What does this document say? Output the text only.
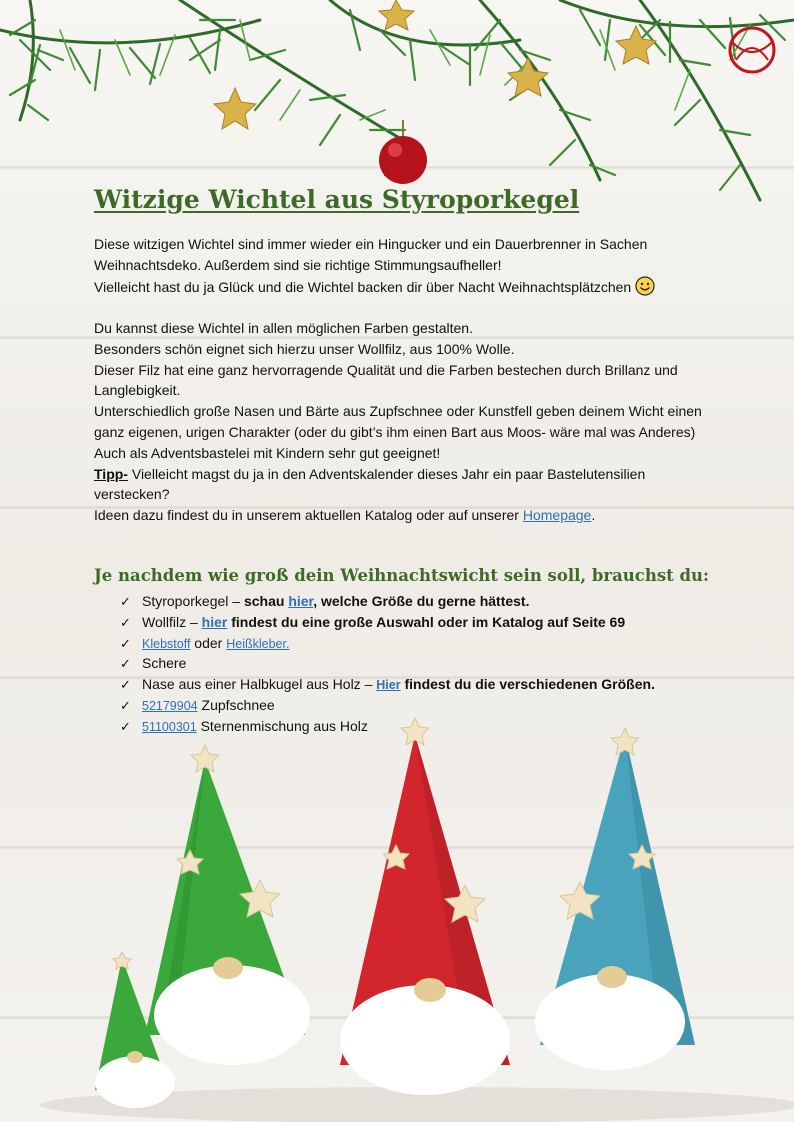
Witzige Wichtel aus Styroporkegel

Diese witzigen Wichtel sind immer wieder ein Hingucker und ein Dauerbrenner in Sachen Weihnachtsdeko. Außerdem sind sie richtige Stimmungsaufheller!

Vielleicht hast du ja Glück und die Wichtel backen dir über Nacht Weihnachtsplätzchen

Du kannst diese Wichtel in allen möglichen Farben gestalten.

Besonders schön eignet sich hierzu unser Wollfilz, aus 100% Wolle.

Dieser Filz hat eine ganz hervorragende Qualität und die Farben bestechen durch Brillanz und Langlebigkeit.

Unterschiedlich große Nasen und Bärte aus Zupfschnee oder Kunstfell geben deinem Wicht einen ganz eigenen, urigen Charakter (oder du gibt’s ihm einen Bart aus Moos- wäre mal was Anderes)

Auch als Adventsbastelei mit Kindern sehr gut geeignet!

Tipp- Vielleicht magst du ja in den Adventskalender dieses Jahr ein paar Bastelutensilien verstecken?

Ideen dazu findest du in unserem aktuellen Katalog oder auf unserer Homepage.

Je nachdem wie groß dein Weihnachtswicht sein soll, brauchst du:
✓ Styroporkegel – schau hier, welche Größe du gerne hättest.
✓ Wollfilz – hier findest du eine große Auswahl oder im Katalog auf Seite 69
✓ Klebstoff oder Heißkleber.
✓ Schere
✓ Nase aus einer Halbkugel aus Holz – Hier findest du die verschiedenen Größen.
✓ 52179904 Zupfschnee
✓ 51100301 Sternenmischung aus Holz
